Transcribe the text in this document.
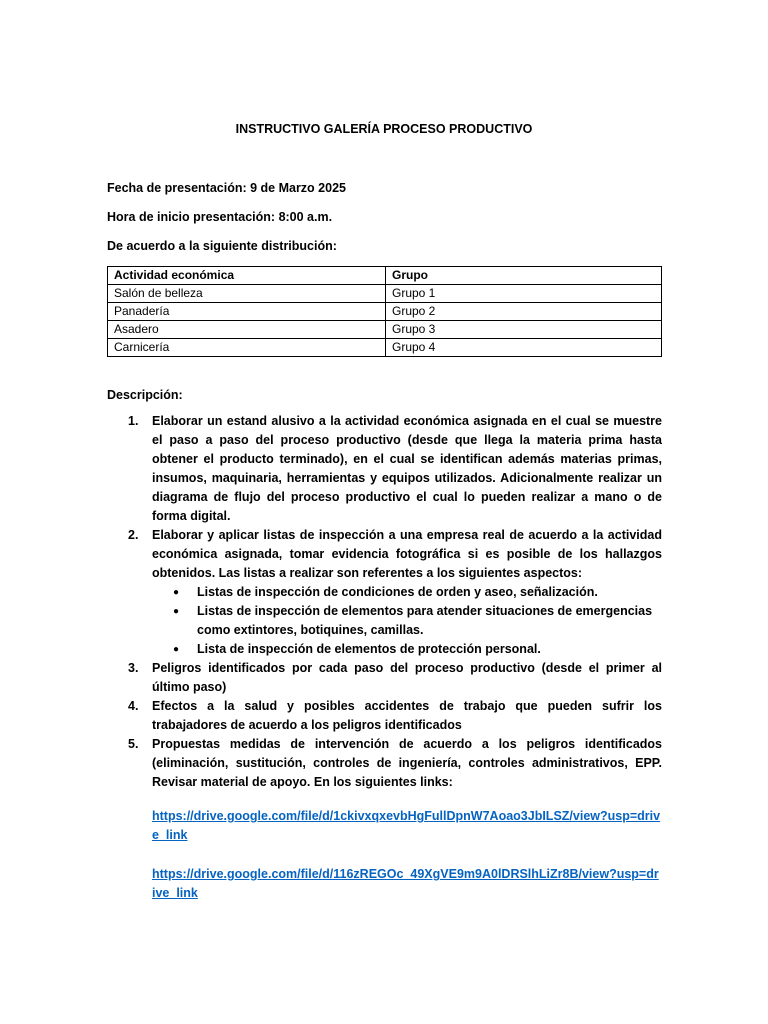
INSTRUCTIVO GALERÍA PROCESO PRODUCTIVO
Fecha de presentación: 9 de Marzo 2025
Hora de inicio presentación: 8:00 a.m.
De acuerdo a la siguiente distribución:
Actividad económica	Grupo
Salón de belleza	Grupo 1
Panadería	Grupo 2
Asadero	Grupo 3
Carnicería	Grupo 4
Descripción:
Elaborar un estand alusivo a la actividad económica asignada en el cual se muestre el paso a paso del proceso productivo (desde que llega la materia prima hasta obtener el producto terminado), en el cual se identifican además materias primas, insumos, maquinaria, herramientas y equipos utilizados. Adicionalmente realizar un diagrama de flujo del proceso productivo el cual lo pueden realizar a mano o de forma digital.
Elaborar y aplicar listas de inspección a una empresa real de acuerdo a la actividad económica asignada, tomar evidencia fotográfica si es posible de los hallazgos obtenidos. Las listas a realizar son referentes a los siguientes aspectos:
● Listas de inspección de condiciones de orden y aseo, señalización.
● Listas de inspección de elementos para atender situaciones de emergencias como extintores, botiquines, camillas.
● Lista de inspección de elementos de protección personal.
Peligros identificados por cada paso del proceso productivo (desde el primer al último paso)
Efectos a la salud y posibles accidentes de trabajo que pueden sufrir los trabajadores de acuerdo a los peligros identificados
Propuestas medidas de intervención de acuerdo a los peligros identificados (eliminación, sustitución, controles de ingeniería, controles administrativos, EPP. Revisar material de apoyo. En los siguientes links:
https://drive.google.com/file/d/1ckivxqxevbHgFullDpnW7Aoao3JbILSZ/view?usp=drive_link
https://drive.google.com/file/d/116zREGOc_49XgVE9m9A0lDRSlhLiZr8B/view?usp=drive_link
